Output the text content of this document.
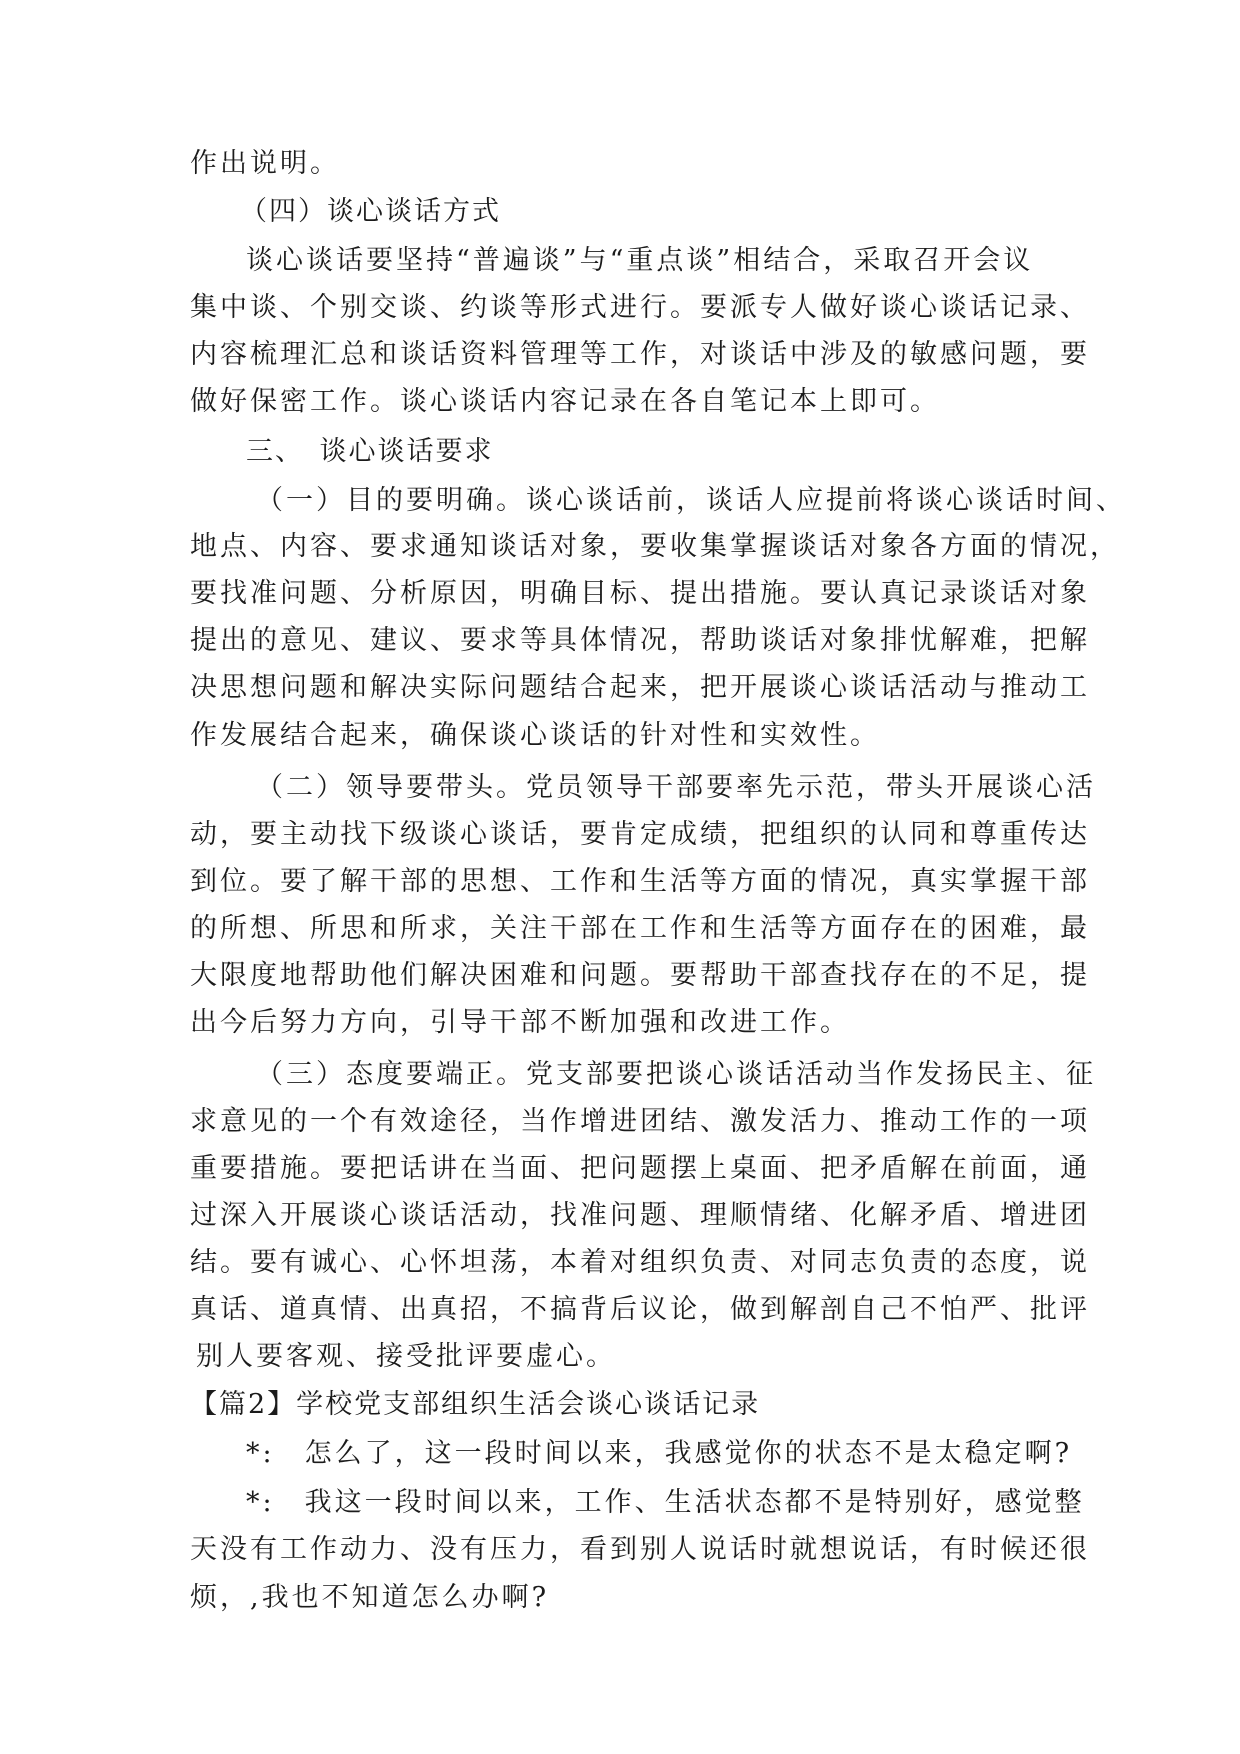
作出说明。
（四）谈心谈话方式
谈心谈话要坚持“普遍谈”与“重点谈”相结合，采取召开会议
集中谈、个别交谈、约谈等形式进行。要派专人做好谈心谈话记录、
内容梳理汇总和谈话资料管理等工作，对谈话中涉及的敏感问题，要
做好保密工作。谈心谈话内容记录在各自笔记本上即可。
三、　谈心谈话要求
（一）目的要明确。谈心谈话前，谈话人应提前将谈心谈话时间、
地点、内容、要求通知谈话对象，要收集掌握谈话对象各方面的情况，
要找准问题、分析原因，明确目标、提出措施。要认真记录谈话对象
提出的意见、建议、要求等具体情况，帮助谈话对象排忧解难，把解
决思想问题和解决实际问题结合起来，把开展谈心谈话活动与推动工
作发展结合起来，确保谈心谈话的针对性和实效性。
（二）领导要带头。党员领导干部要率先示范，带头开展谈心活
动，要主动找下级谈心谈话，要肯定成绩，把组织的认同和尊重传达
到位。要了解干部的思想、工作和生活等方面的情况，真实掌握干部
的所想、所思和所求，关注干部在工作和生活等方面存在的困难，最
大限度地帮助他们解决困难和问题。要帮助干部查找存在的不足，提
出今后努力方向，引导干部不断加强和改进工作。
（三）态度要端正。党支部要把谈心谈话活动当作发扬民主、征
求意见的一个有效途径，当作增进团结、激发活力、推动工作的一项
重要措施。要把话讲在当面、把问题摆上桌面、把矛盾解在前面，通
过深入开展谈心谈话活动，找准问题、理顺情绪、化解矛盾、增进团
结。要有诚心、心怀坦荡，本着对组织负责、对同志负责的态度，说
真话、道真情、出真招，不搞背后议论，做到解剖自己不怕严、批评
别人要客观、接受批评要虚心。
【篇2】学校党支部组织生活会谈心谈话记录
*:　怎么了，这一段时间以来，我感觉你的状态不是太稳定啊?
*:　我这一段时间以来，工作、生活状态都不是特别好，感觉整
天没有工作动力、没有压力，看到别人说话时就想说话，有时候还很
烦，,我也不知道怎么办啊?
